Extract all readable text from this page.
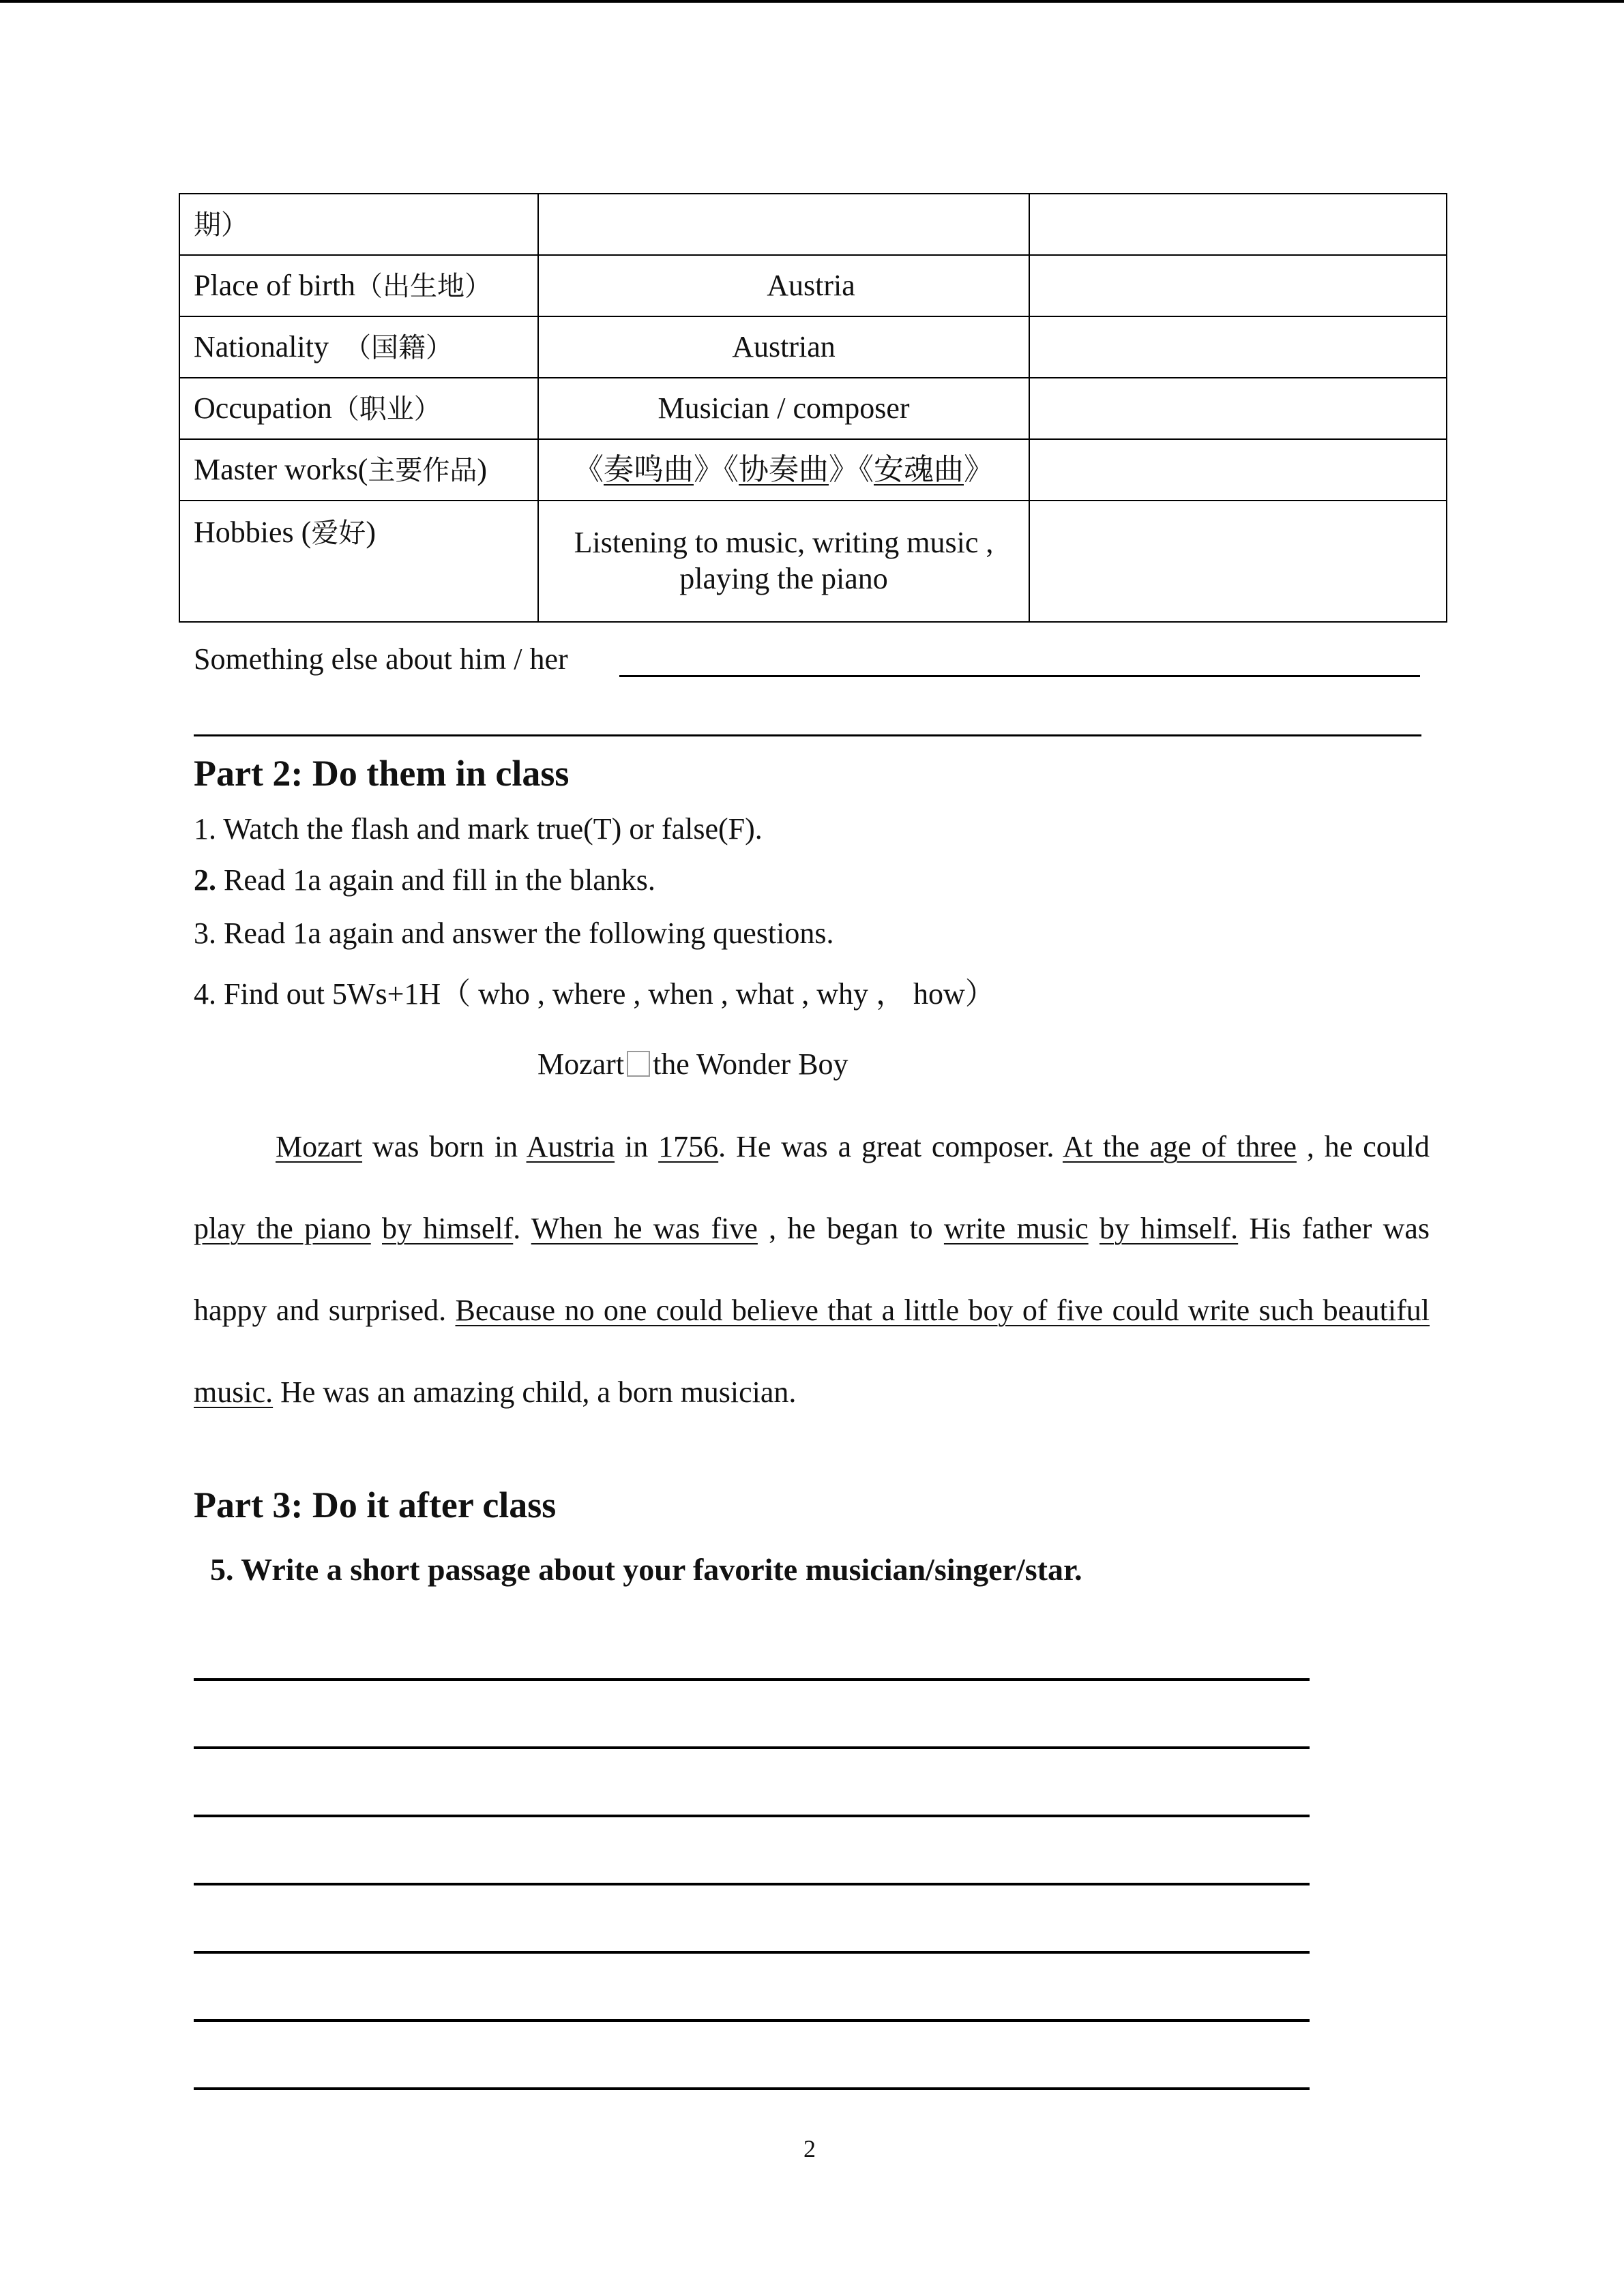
期）		
Place of birth（出生地）	Austria	
Nationality （国籍）	Austrian	
Occupation（职业）	Musician / composer	
Master works(主要作品)	《奏鸣曲》《协奏曲》《安魂曲》	
Hobbies (爱好)	Listening to music, writing music ,
playing the piano	
Something else about him / her
Part 2: Do them in class
1. Watch the flash and mark true(T) or false(F).
2. Read 1a again and fill in the blanks.
3. Read 1a again and answer the following questions.
4. Find out 5Ws+1H（ who , where , when , what , why ， how）
Mozart the Wonder Boy

Mozart was born in Austria in 1756. He was a great composer. At the age of three , he could play the piano by himself. When he was five , he began to write music by himself. His father was happy and surprised. Because no one could believe that a little boy of five could write such beautiful music. He was an amazing child, a born musician.

Part 3: Do it after class
5. Write a short passage about your favorite musician/singer/star.
2
